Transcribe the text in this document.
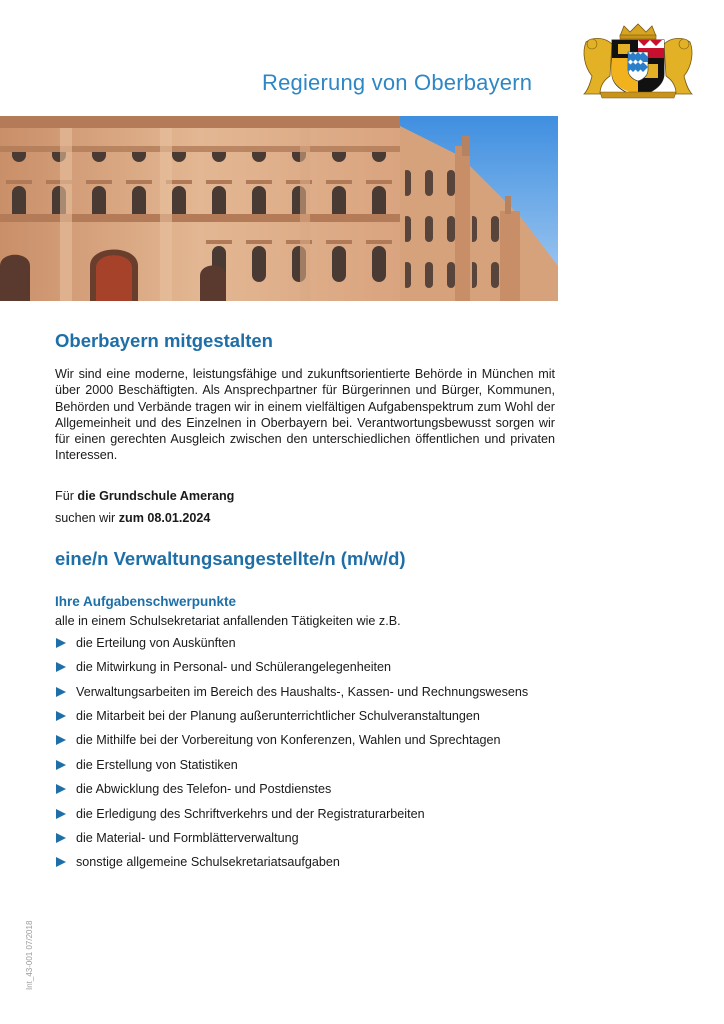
Regierung von Oberbayern
Oberbayern mitgestalten

Wir sind eine moderne, leistungsfähige und zukunftsorientierte Behörde in München mit über 2000 Beschäftigten. Als Ansprechpartner für Bürgerinnen und Bürger, Kommunen, Behörden und Verbände tragen wir in einem vielfältigen Aufgabenspektrum zum Wohl der Allgemeinheit und des Einzelnen in Oberbayern bei. Verantwortungsbewusst sorgen wir für einen gerechten Ausgleich zwischen den unterschiedlichen öffentlichen und privaten Interessen.

Für die Grundschule Amerang

suchen wir zum 08.01.2024

eine/n Verwaltungsangestellte/n (m/w/d)
Ihre Aufgabenschwerpunkte

alle in einem Schulsekretariat anfallenden Tätigkeiten wie z.B.

die Erteilung von Auskünften
die Mitwirkung in Personal- und Schülerangelegenheiten
Verwaltungsarbeiten im Bereich des Haushalts-, Kassen- und Rechnungswesens
die Mitarbeit bei der Planung außerunterrichtlicher Schulveranstaltungen
die Mithilfe bei der Vorbereitung von Konferenzen, Wahlen und Sprechtagen
die Erstellung von Statistiken
die Abwicklung des Telefon- und Postdienstes
die Erledigung des Schriftverkehrs und der Registraturarbeiten
die Material- und Formblätterverwaltung
sonstige allgemeine Schulsekretariatsaufgaben
Int_43-001 07/2018
